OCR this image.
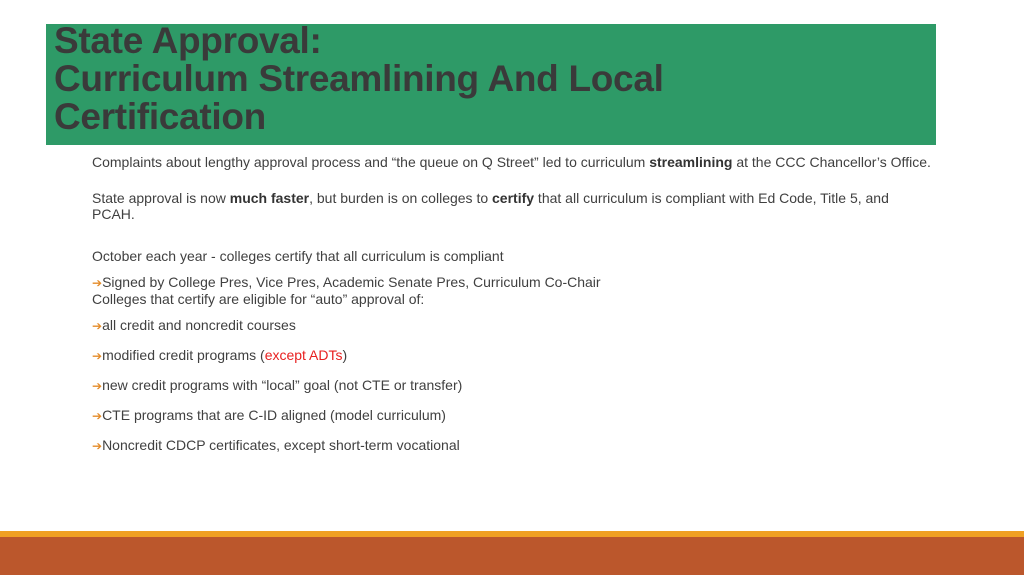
State Approval:
Curriculum Streamlining And Local
Certification

Complaints about lengthy approval process and “the queue on Q Street” led to curriculum streamlining at the CCC Chancellor’s Office.

State approval is now much faster, but burden is on colleges to certify that all curriculum is compliant with Ed Code, Title 5, and PCAH.

October each year - colleges certify that all curriculum is compliant

➔Signed by College Pres, Vice Pres, Academic Senate Pres, Curriculum Co-Chair

Colleges that certify are eligible for “auto” approval of:

➔all credit and noncredit courses

➔modified credit programs (except ADTs)

➔new credit programs with “local” goal (not CTE or transfer)

➔CTE programs that are C-ID aligned (model curriculum)

➔Noncredit CDCP certificates, except short-term vocational
